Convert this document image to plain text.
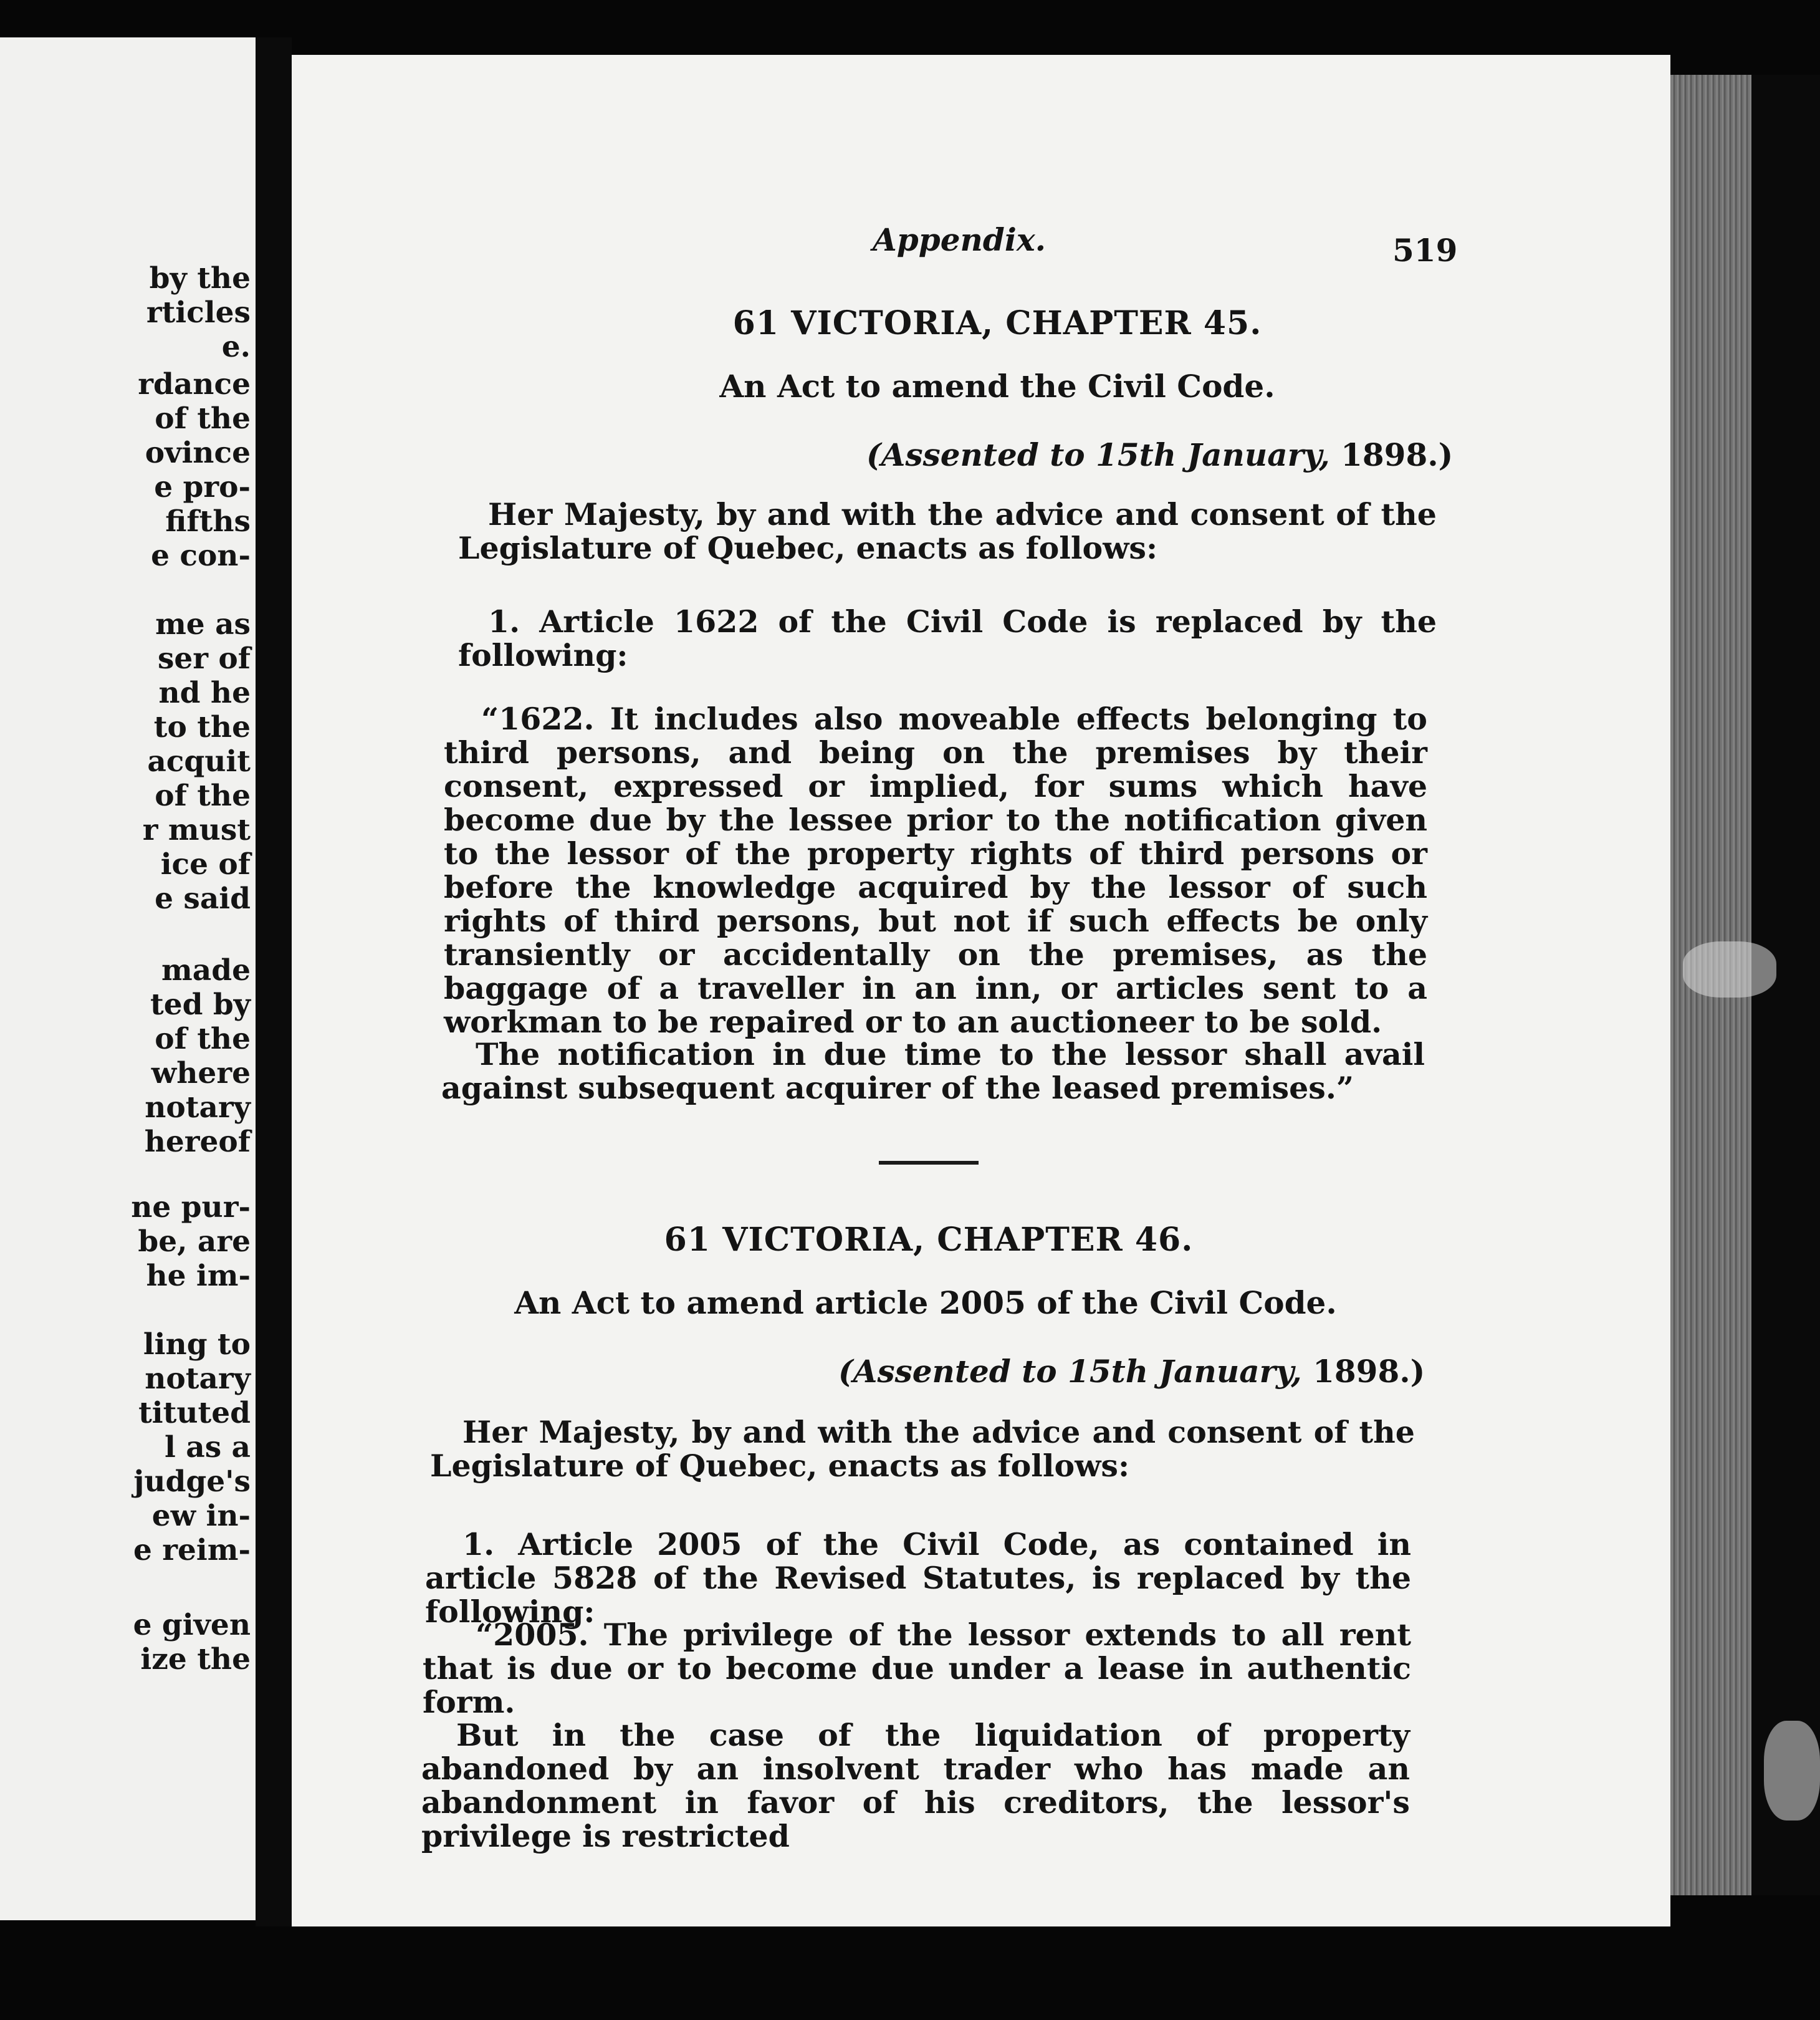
by the
rticles
e.
rdance
of the
ovince
e pro-
fifths
e con-
me as
ser of
nd he
to the
acquit
of the
r must
ice of
e said
made
ted by
of the
where
notary
hereof
ne pur-
be, are
he im-
ling to
notary
tituted
l as a
judge's
ew in-
e reim-
e given
ize the
Appendix.	519
61 VICTORIA, CHAPTER 45.
An Act to amend the Civil Code.
(Assented to 15th January, 1898.)

Her Majesty, by and with the advice and consent of the Legislature of Quebec, enacts as follows:

1. Article 1622 of the Civil Code is replaced by the following:

“1622. It includes also moveable effects belonging to third persons, and being on the premises by their consent, expressed or implied, for sums which have become due by the lessee prior to the notification given to the lessor of the property rights of third persons or before the knowledge acquired by the lessor of such rights of third persons, but not if such effects be only transiently or accidentally on the premises, as the baggage of a traveller in an inn, or articles sent to a workman to be repaired or to an auctioneer to be sold.

The notification in due time to the lessor shall avail against subsequent acquirer of the leased premises.”

61 VICTORIA, CHAPTER 46.
An Act to amend article 2005 of the Civil Code.
(Assented to 15th January, 1898.)

Her Majesty, by and with the advice and consent of the Legislature of Quebec, enacts as follows:

1. Article 2005 of the Civil Code, as contained in article 5828 of the Revised Statutes, is replaced by the following:

“2005. The privilege of the lessor extends to all rent that is due or to become due under a lease in authentic form.

But in the case of the liquidation of property abandoned by an insolvent trader who has made an abandonment in favor of his creditors, the lessor's privilege is restricted
